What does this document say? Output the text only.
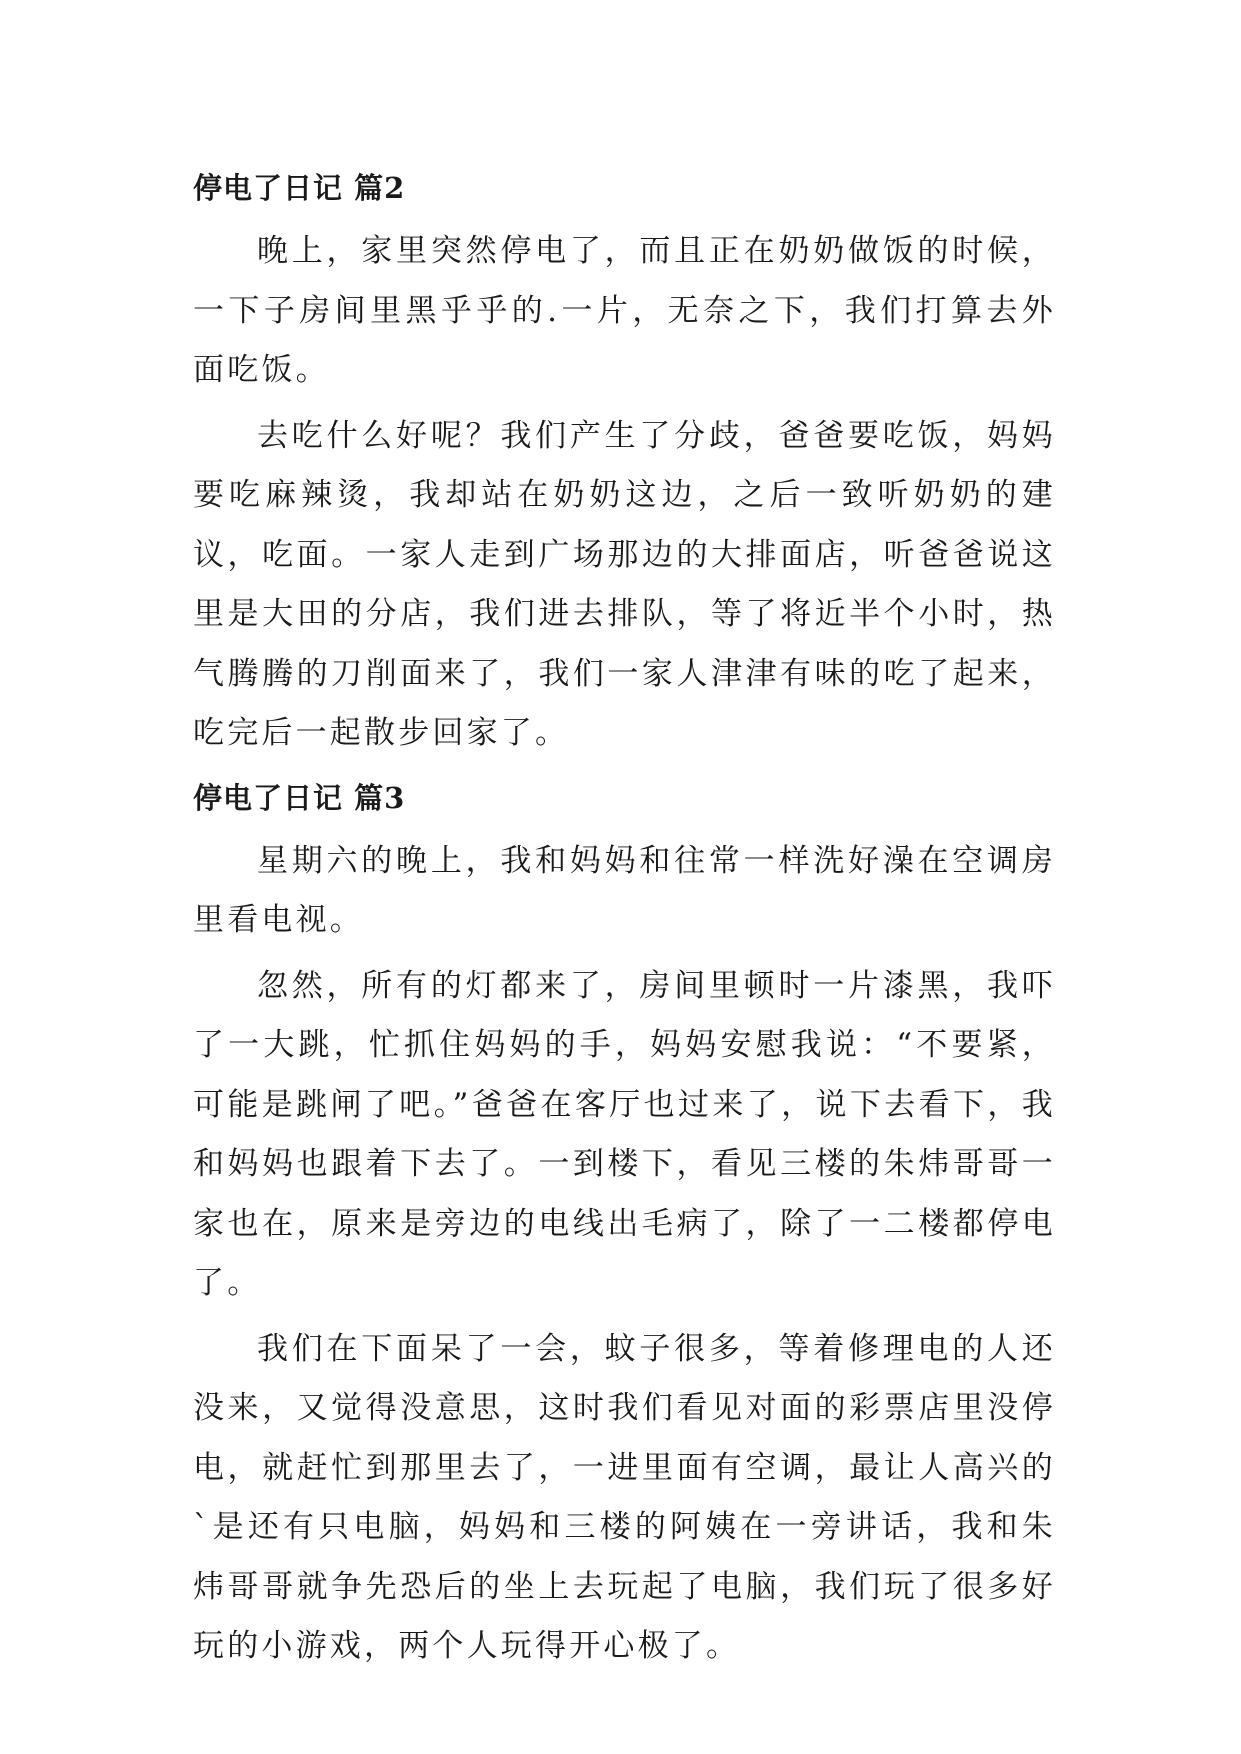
停电了日记 篇2

晚上，家里突然停电了，而且正在奶奶做饭的时候，一下子房间里黑乎乎的.一片，无奈之下，我们打算去外面吃饭。

去吃什么好呢？我们产生了分歧，爸爸要吃饭，妈妈要吃麻辣烫，我却站在奶奶这边，之后一致听奶奶的建议，吃面。一家人走到广场那边的大排面店，听爸爸说这里是大田的分店，我们进去排队，等了将近半个小时，热气腾腾的刀削面来了，我们一家人津津有味的吃了起来，吃完后一起散步回家了。

停电了日记 篇3

星期六的晚上，我和妈妈和往常一样洗好澡在空调房里看电视。

忽然，所有的灯都来了，房间里顿时一片漆黑，我吓了一大跳，忙抓住妈妈的手，妈妈安慰我说：“不要紧，可能是跳闸了吧。”爸爸在客厅也过来了，说下去看下，我和妈妈也跟着下去了。一到楼下，看见三楼的朱炜哥哥一家也在，原来是旁边的电线出毛病了，除了一二楼都停电了。

我们在下面呆了一会，蚊子很多，等着修理电的人还没来，又觉得没意思，这时我们看见对面的彩票店里没停电，就赶忙到那里去了，一进里面有空调，最让人高兴的`是还有只电脑，妈妈和三楼的阿姨在一旁讲话，我和朱炜哥哥就争先恐后的坐上去玩起了电脑，我们玩了很多好玩的小游戏，两个人玩得开心极了。
